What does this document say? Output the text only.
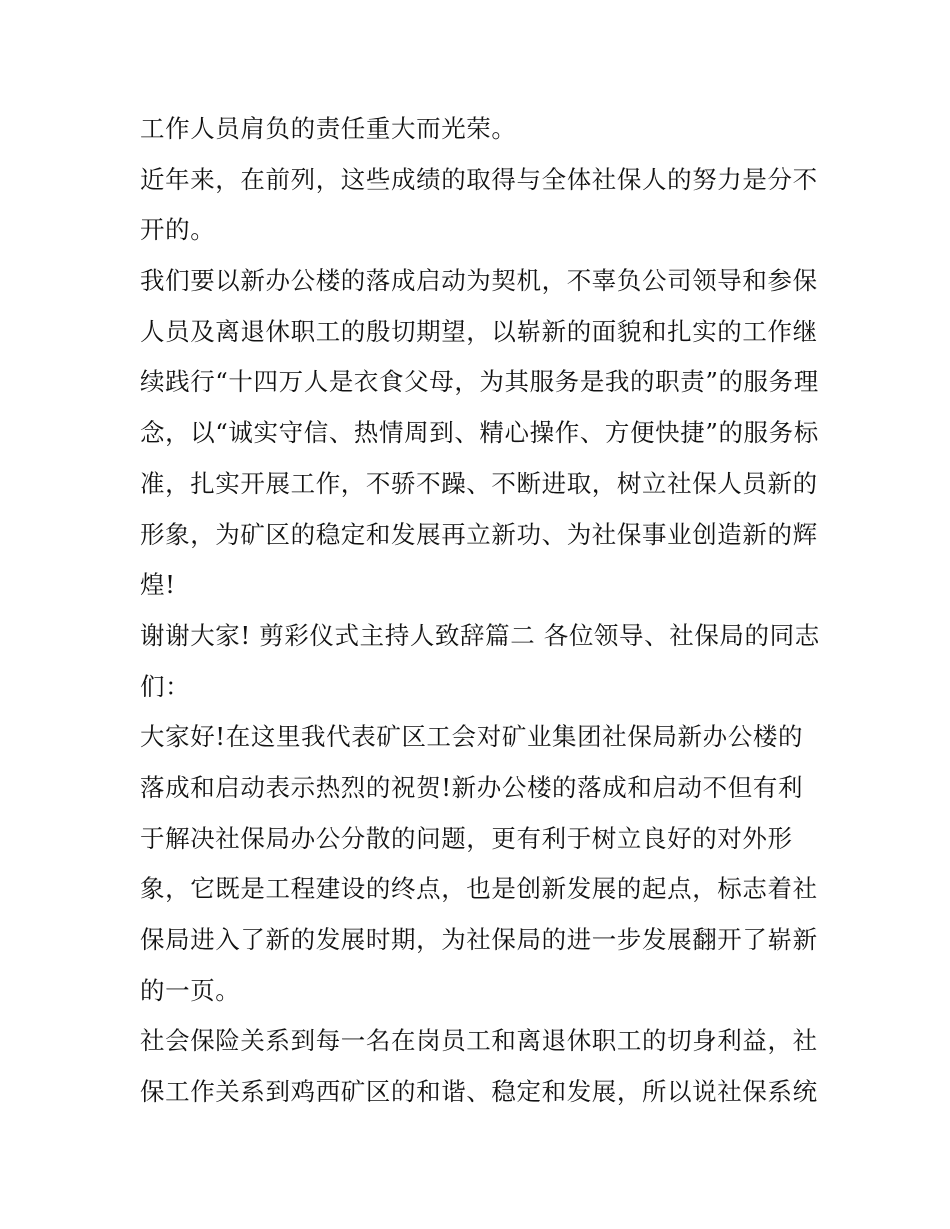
工作人员肩负的责任重大而光荣。
近年来，在前列，这些成绩的取得与全体社保人的努力是分不
开的。
我们要以新办公楼的落成启动为契机，不辜负公司领导和参保
人员及离退休职工的殷切期望，以崭新的面貌和扎实的工作继
续践行“十四万人是衣食父母，为其服务是我的职责”的服务理
念，以“诚实守信、热情周到、精心操作、方便快捷”的服务标
准，扎实开展工作，不骄不躁、不断进取，树立社保人员新的
形象，为矿区的稳定和发展再立新功、为社保事业创造新的辉
煌!
谢谢大家! 剪彩仪式主持人致辞篇二 各位领导、社保局的同志
们：
大家好!在这里我代表矿区工会对矿业集团社保局新办公楼的
落成和启动表示热烈的祝贺!新办公楼的落成和启动不但有利
于解决社保局办公分散的问题，更有利于树立良好的对外形
象，它既是工程建设的终点，也是创新发展的起点，标志着社
保局进入了新的发展时期，为社保局的进一步发展翻开了崭新
的一页。
社会保险关系到每一名在岗员工和离退休职工的切身利益，社
保工作关系到鸡西矿区的和谐、稳定和发展，所以说社保系统
